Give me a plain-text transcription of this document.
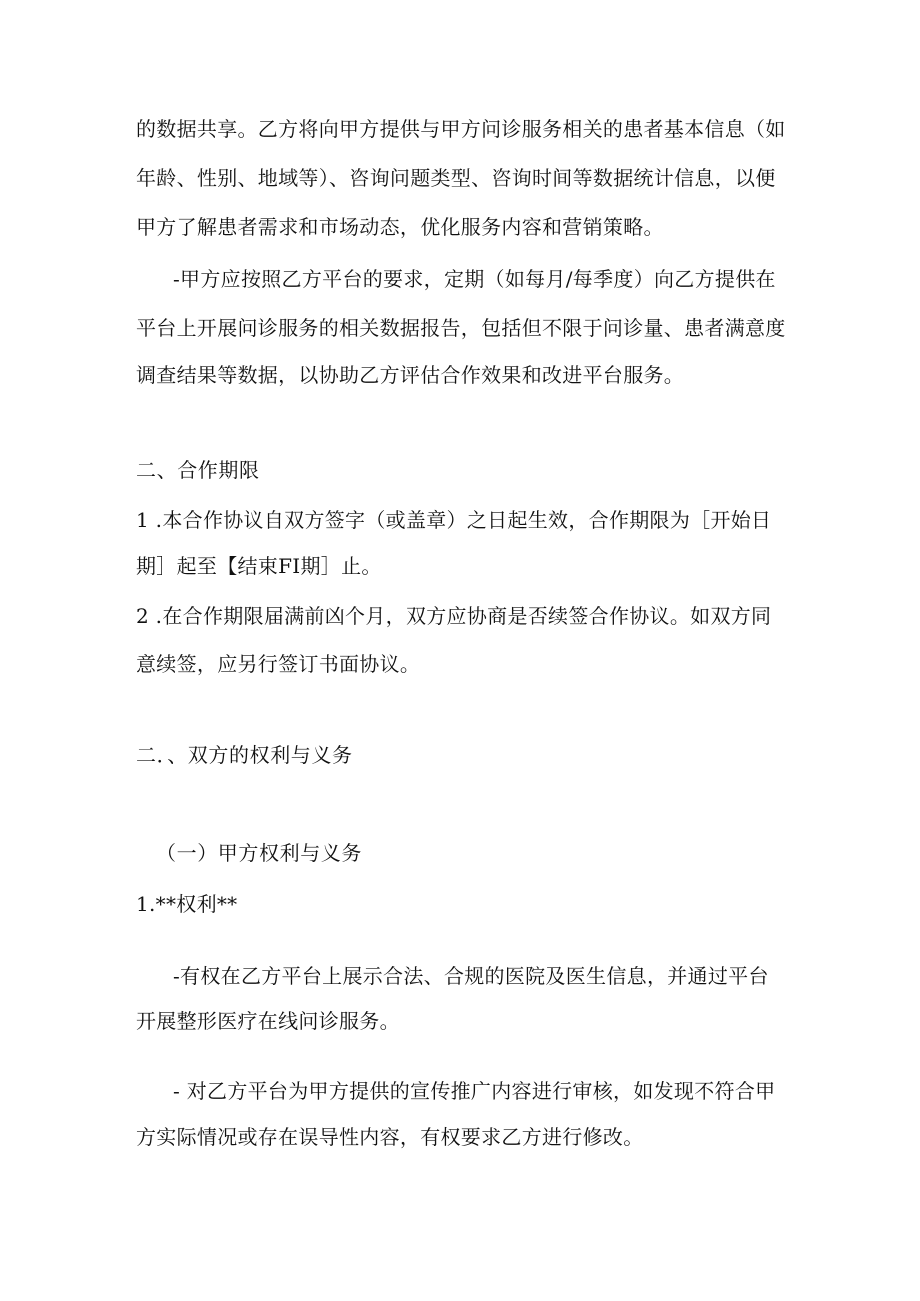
的数据共享。乙方将向甲方提供与甲方问诊服务相关的患者基本信息（如
年龄、性别、地域等）、咨询问题类型、咨询时间等数据统计信息，以便
甲方了解患者需求和市场动态，优化服务内容和营销策略。
-甲方应按照乙方平台的要求，定期（如每月/每季度）向乙方提供在
平台上开展问诊服务的相关数据报告，包括但不限于问诊量、患者满意度
调查结果等数据，以协助乙方评估合作效果和改进平台服务。
二、合作期限
1 .本合作协议自双方签字（或盖章）之日起生效，合作期限为［开始日
期］起至【结束FI期］止。
2 .在合作期限届满前凶个月，双方应协商是否续签合作协议。如双方同
意续签，应另行签订书面协议。
二．、双方的权利与义务
（一）甲方权利与义务
1.**权利**
-有权在乙方平台上展示合法、合规的医院及医生信息，并通过平台
开展整形医疗在线问诊服务。
- 对乙方平台为甲方提供的宣传推广内容进行审核，如发现不符合甲
方实际情况或存在误导性内容，有权要求乙方进行修改。
